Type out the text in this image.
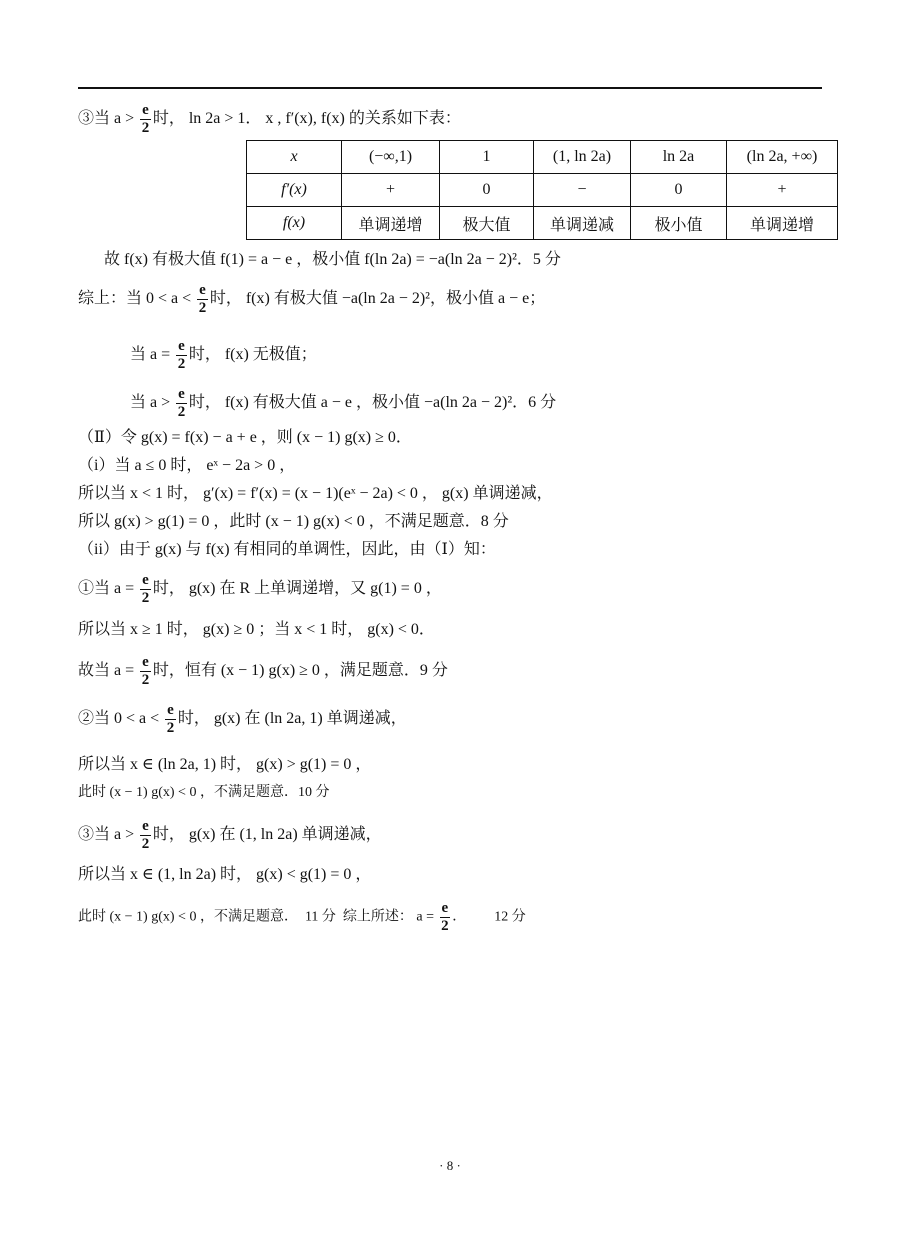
x	(−∞,1)	1	(1, ln 2a)	ln 2a	(ln 2a, +∞)
f′(x)	+	0	−	0	+
f(x)	单调递增	极大值	单调递减	极小值	单调递增
③当 $a > \frac{e}{2}$ 时， ln 2a > 1． x , f′(x), f(x) 的关系如下表：
故 f(x) 有极大值 f(1) = a − e ，极小值 f(ln 2a) = −a(ln 2a − 2)²．5 分
综上：当 $0 < a < \frac{e}{2}$ 时， f(x) 有极大值 −a(ln 2a − 2)²，极小值 a − e；
当 $a = \frac{e}{2}$ 时， f(x) 无极值；
当 $a > \frac{e}{2}$ 时， f(x) 有极大值 a − e ，极小值 −a(ln 2a − 2)²．6 分
（Ⅱ）令 g(x) = f(x) − a + e ，则 (x − 1) g(x) ≥ 0．
（i）当 a ≤ 0 时， eˣ − 2a > 0 ，
所以当 x < 1 时， g′(x) = f′(x) = (x − 1)(eˣ − 2a) < 0 ， g(x) 单调递减，
所以 g(x) > g(1) = 0 ，此时 (x − 1) g(x) < 0 ，不满足题意．8 分
（ii）由于 g(x) 与 f(x) 有相同的单调性，因此，由（Ⅰ）知：
①当 $a = \frac{e}{2}$ 时， g(x) 在 R 上单调递增，又 g(1) = 0 ，
所以当 x ≥ 1 时， g(x) ≥ 0 ；当 x < 1 时， g(x) < 0．
故当 $a = \frac{e}{2}$ 时，恒有 (x − 1) g(x) ≥ 0 ，满足题意．9 分
②当 $0 < a < \frac{e}{2}$ 时， g(x) 在 (ln 2a, 1) 单调递减，
所以当 x ∈ (ln 2a, 1) 时， g(x) > g(1) = 0 ，
此时 (x − 1) g(x) < 0 ，不满足题意．10 分
③当 $a > \frac{e}{2}$ 时， g(x) 在 (1, ln 2a) 单调递减，
所以当 x ∈ (1, ln 2a) 时， g(x) < g(1) = 0 ，
此时 (x − 1) g(x) < 0 ，不满足题意．  11 分  综上所述： $a = \frac{e}{2}$ ．        12 分
· 8 ·
